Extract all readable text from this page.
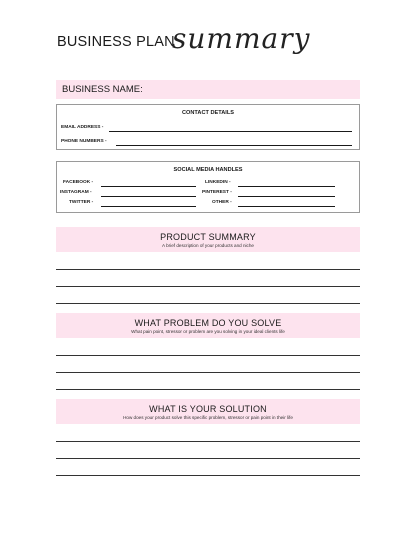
BUSINESS PLAN
summary
BUSINESS NAME:
CONTACT DETAILS
EMAIL ADDRESS -
PHONE NUMBERS -
SOCIAL MEDIA HANDLES
FACEBOOK -
INSTAGRAM -
TWITTER -
LINKEDIN -
PINTEREST -
OTHER -
PRODUCT SUMMARY
A brief description of your products and niche
WHAT PROBLEM DO YOU SOLVE
What pain point, stressor or problem are you solving in your ideal clients life
WHAT IS YOUR SOLUTION
How does your product solve this specific problem, stressor or pain point in their life
